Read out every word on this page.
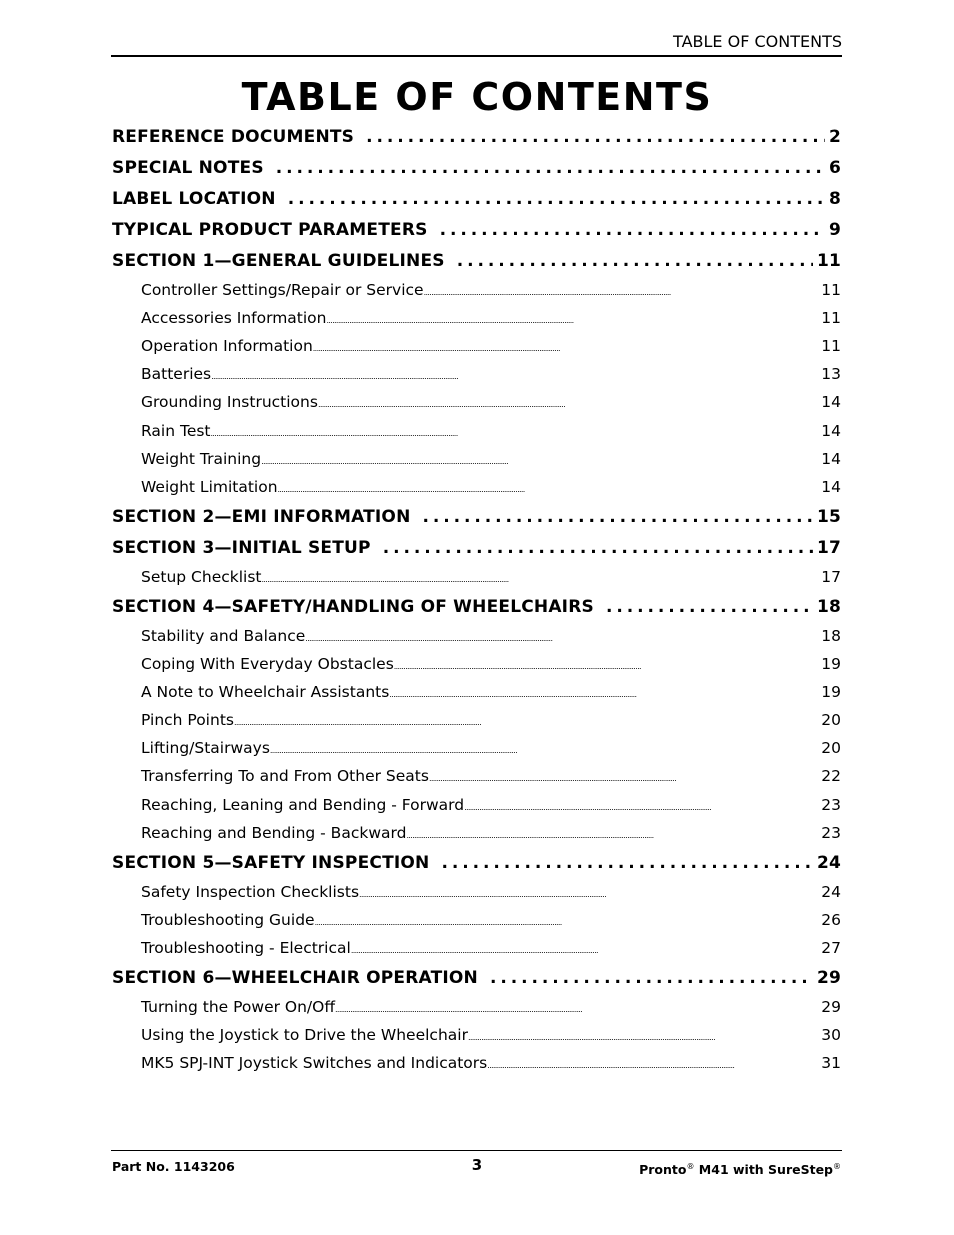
TABLE OF CONTENTS
TABLE OF CONTENTS
REFERENCE DOCUMENTS . . .	2
SPECIAL NOTES . . .	6
LABEL LOCATION . . .	8
TYPICAL PRODUCT PARAMETERS . . .	9
SECTION 1—GENERAL GUIDELINES . . .	11
Controller Settings/Repair or Service . . .	11
Accessories Information . . .	11
Operation Information . . .	11
Batteries . . .	13
Grounding Instructions . . .	14
Rain Test . . .	14
Weight Training . . .	14
Weight Limitation . . .	14
SECTION 2—EMI INFORMATION . . .	15
SECTION 3—INITIAL SETUP . . .	17
Setup Checklist . . .	17
SECTION 4—SAFETY/HANDLING OF WHEELCHAIRS . . .	18
Stability and Balance . . .	18
Coping With Everyday Obstacles . . .	19
A Note to Wheelchair Assistants . . .	19
Pinch Points . . .	20
Lifting/Stairways . . .	20
Transferring To and From Other Seats . . .	22
Reaching, Leaning and Bending - Forward . . .	23
Reaching and Bending - Backward . . .	23
SECTION 5—SAFETY INSPECTION . . .	24
Safety Inspection Checklists . . .	24
Troubleshooting Guide . . .	26
Troubleshooting - Electrical . . .	27
SECTION 6—WHEELCHAIR OPERATION . . .	29
Turning the Power On/Off . . .	29
Using the Joystick to Drive the Wheelchair . . .	30
MK5 SPJ-INT Joystick Switches and Indicators . . .	31
Part No. 1143206	3	Pronto® M41 with SureStep®
